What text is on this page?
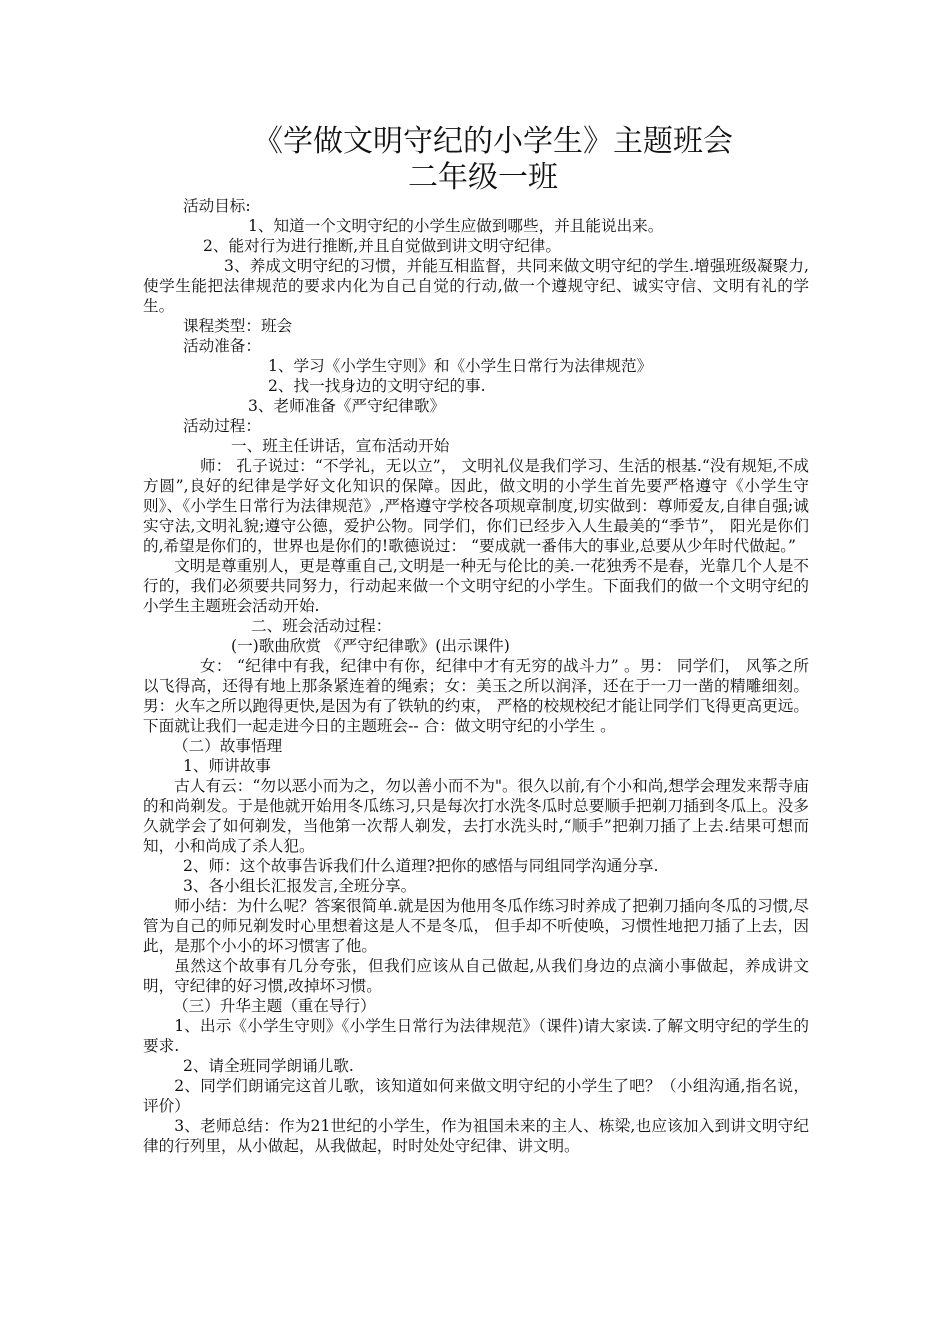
《学做文明守纪的小学生》主题班会
二年级一班

活动目标:

1、知道一个文明守纪的小学生应做到哪些，并且能说出来。

2、能对行为进行推断,并且自觉做到讲文明守纪律。

3、养成文明守纪的习惯，并能互相监督，共同来做文明守纪的学生.增强班级凝聚力,使学生能把法律规范的要求内化为自己自觉的行动,做一个遵规守纪、诚实守信、文明有礼的学生。

课程类型：班会

活动准备：

1、学习《小学生守则》和《小学生日常行为法律规范》

2、找一找身边的文明守纪的事.

3、老师准备《严守纪律歌》

活动过程：

一、班主任讲话，宣布活动开始

师： 孔子说过：“不学礼，无以立”， 文明礼仪是我们学习、生活的根基.“没有规矩,不成方圆”,良好的纪律是学好文化知识的保障。因此，做文明的小学生首先要严格遵守《小学生守则》、《小学生日常行为法律规范》,严格遵守学校各项规章制度,切实做到：尊师爱友,自律自强;诚实守法,文明礼貌;遵守公德，爱护公物。同学们，你们已经步入人生最美的“季节”， 阳光是你们的,希望是你们的，世界也是你们的!歌德说过： “要成就一番伟大的事业,总要从少年时代做起。”

文明是尊重别人，更是尊重自己,文明是一种无与伦比的美.一花独秀不是春，光靠几个人是不行的，我们必须要共同努力，行动起来做一个文明守纪的小学生。下面我们的做一个文明守纪的小学生主题班会活动开始.

二、班会活动过程：

(一)歌曲欣赏 《严守纪律歌》(出示课件)

女： “纪律中有我，纪律中有你，纪律中才有无穷的战斗力” 。男： 同学们， 风筝之所以飞得高，还得有地上那条紧连着的绳索；女：美玉之所以润泽，还在于一刀一凿的精雕细刻。 男：火车之所以跑得更快,是因为有了铁轨的约束， 严格的校规校纪才能让同学们飞得更高更远。下面就让我们一起走进今日的主题班会-- 合：做文明守纪的小学生 。

（二）故事悟理

1、师讲故事

古人有云：“勿以恶小而为之，勿以善小而不为"。很久以前,有个小和尚,想学会理发来帮寺庙的和尚剃发。于是他就开始用冬瓜练习,只是每次打水洗冬瓜时总要顺手把剃刀插到冬瓜上。没多久就学会了如何剃发，当他第一次帮人剃发，去打水洗头时,“顺手”把剃刀插了上去.结果可想而知，小和尚成了杀人犯。

2、师：这个故事告诉我们什么道理?把你的感悟与同组同学沟通分享.

3、各小组长汇报发言,全班分享。

师小结：为什么呢？答案很简单.就是因为他用冬瓜作练习时养成了把剃刀插向冬瓜的习惯,尽管为自己的师兄剃发时心里想着这是人不是冬瓜， 但手却不听使唤，习惯性地把刀插了上去，因此，是那个小小的坏习惯害了他。

虽然这个故事有几分夸张，但我们应该从自己做起,从我们身边的点滴小事做起，养成讲文明，守纪律的好习惯,改掉坏习惯。

（三）升华主题（重在导行）

1、出示《小学生守则》《小学生日常行为法律规范》（课件)请大家读.了解文明守纪的学生的要求.

2、请全班同学朗诵儿歌.

2、同学们朗诵完这首儿歌，该知道如何来做文明守纪的小学生了吧？（小组沟通,指名说，评价）

3、老师总结：作为21世纪的小学生，作为祖国未来的主人、栋梁,也应该加入到讲文明守纪律的行列里，从小做起，从我做起，时时处处守纪律、讲文明。
